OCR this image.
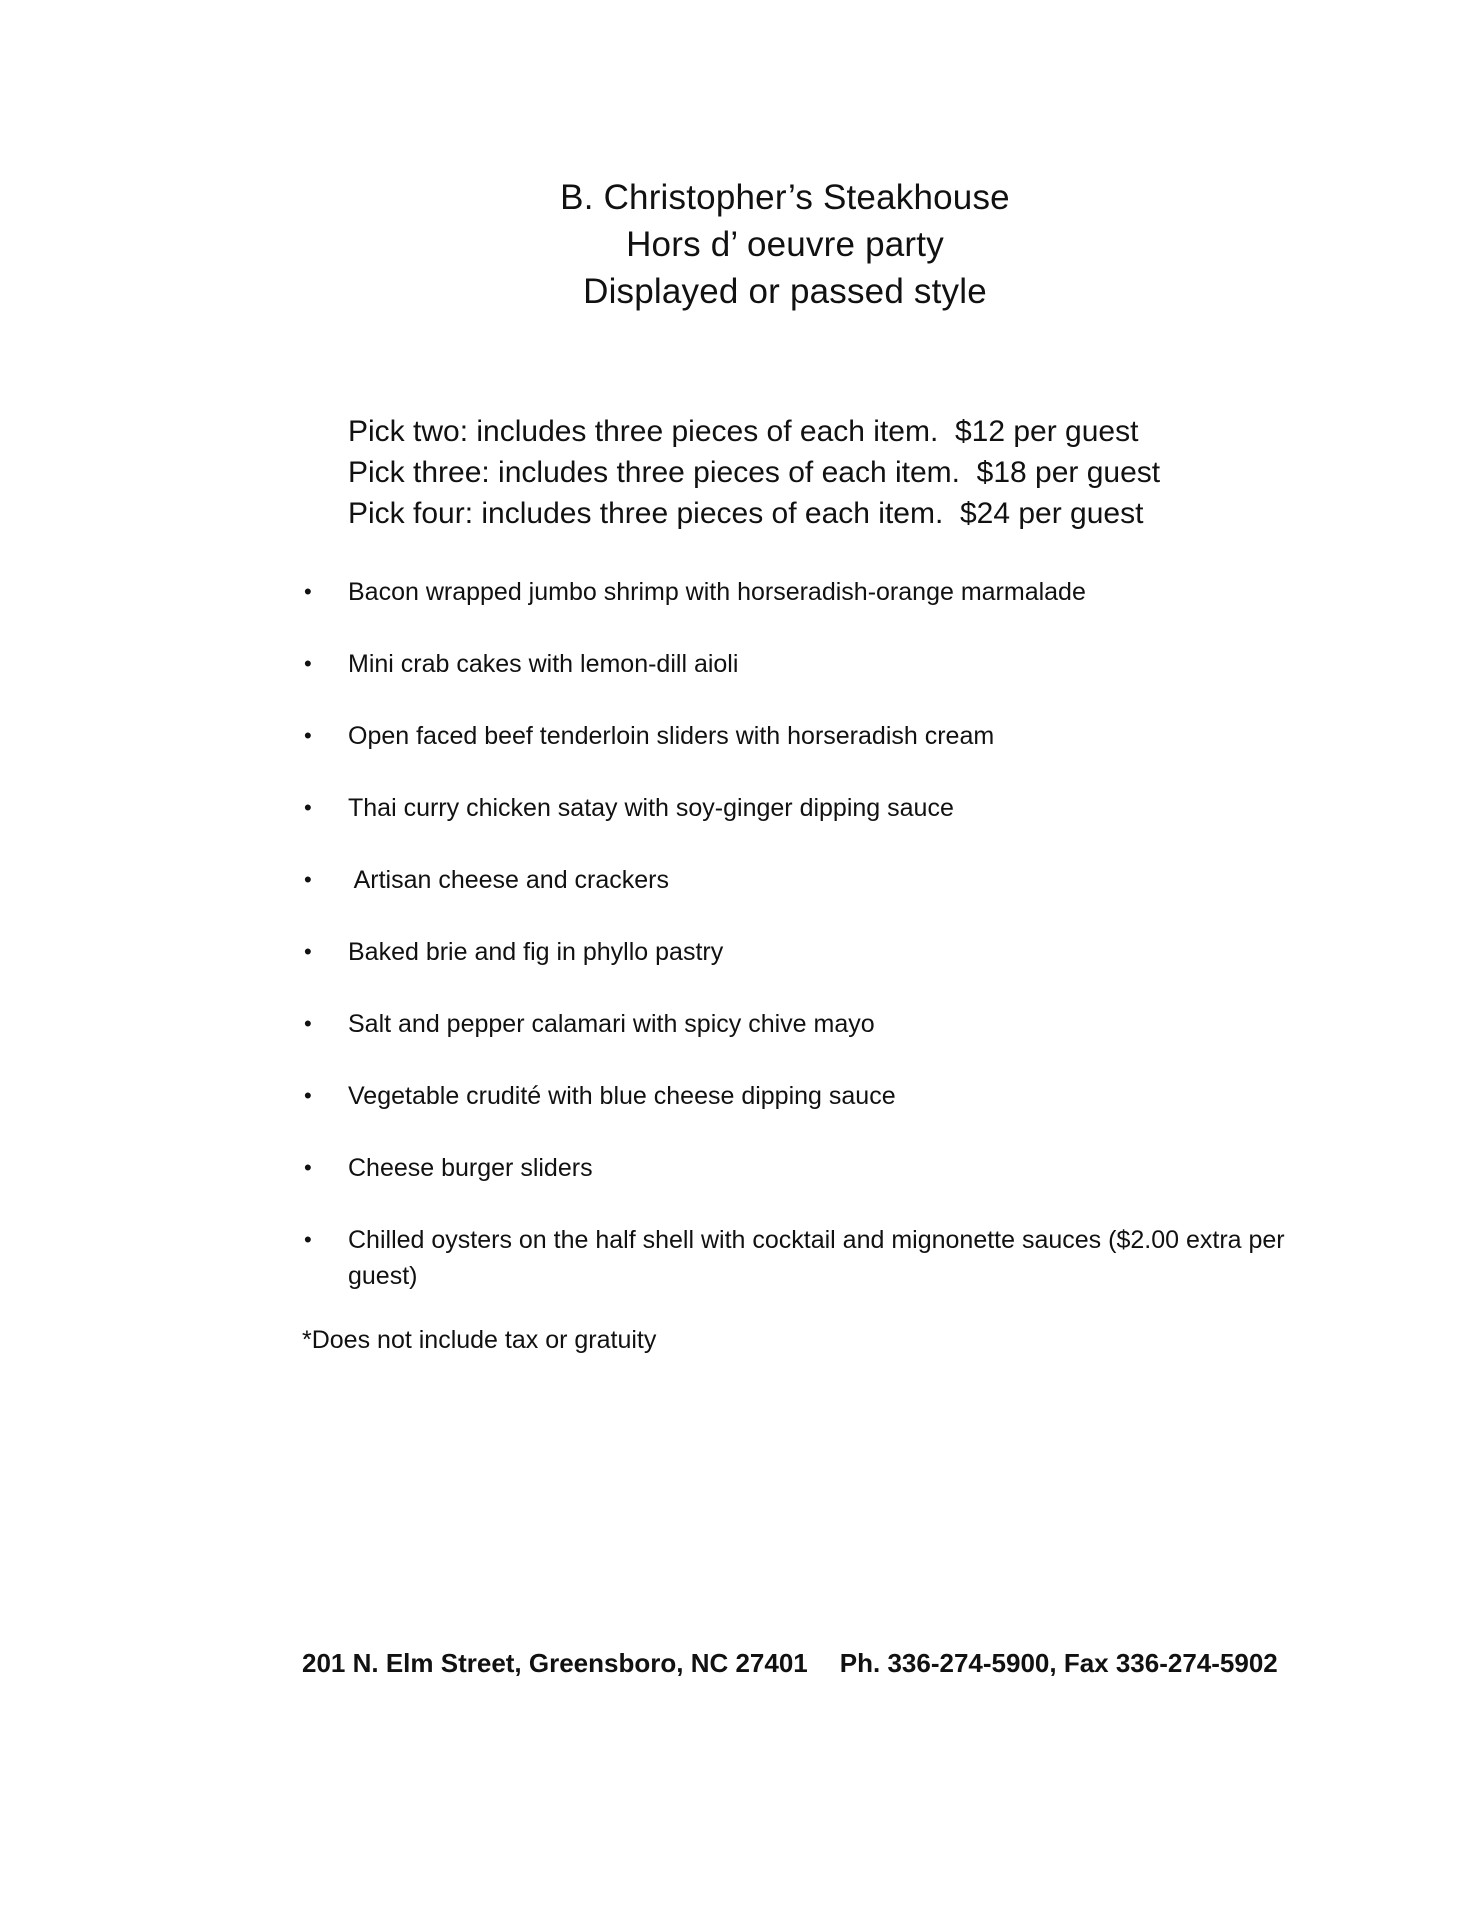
B. Christopher’s Steakhouse
Hors d’ oeuvre party
Displayed or passed style
Pick two: includes three pieces of each item.  $12 per guest
Pick three: includes three pieces of each item.  $18 per guest
Pick four: includes three pieces of each item.  $24 per guest
• Bacon wrapped jumbo shrimp with horseradish-orange marmalade
• Mini crab cakes with lemon-dill aioli
• Open faced beef tenderloin sliders with horseradish cream
• Thai curry chicken satay with soy-ginger dipping sauce
• Artisan cheese and crackers
• Baked brie and fig in phyllo pastry
• Salt and pepper calamari with spicy chive mayo
• Vegetable crudité with blue cheese dipping sauce
• Cheese burger sliders
• Chilled oysters on the half shell with cocktail and mignonette sauces ($2.00 extra per guest)
*Does not include tax or gratuity
201 N. Elm Street, Greensboro, NC 27401 Ph. 336-274-5900, Fax 336-274-5902
